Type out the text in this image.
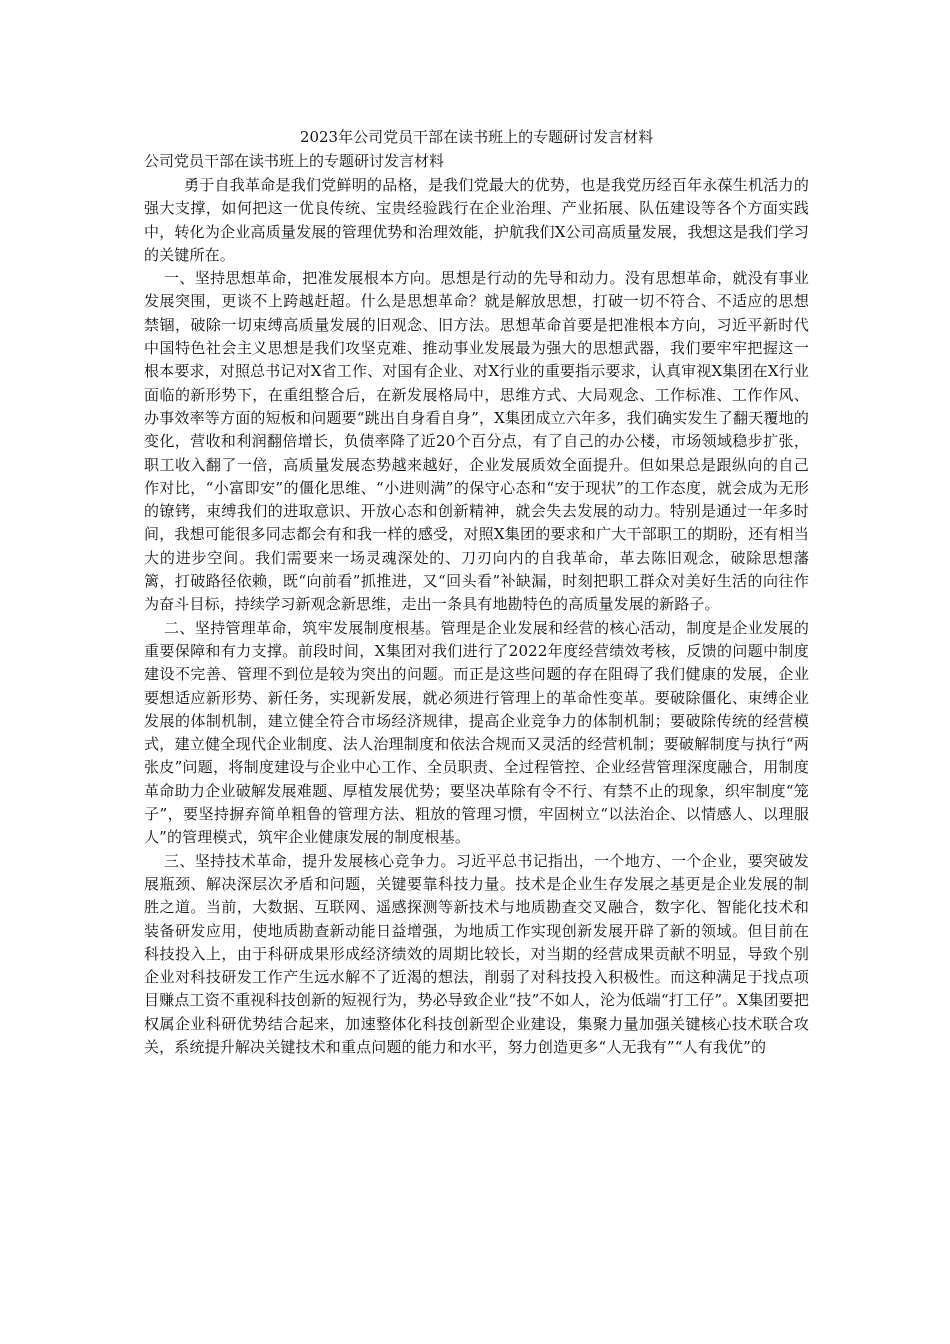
2023年公司党员干部在读书班上的专题研讨发言材料
公司党员干部在读书班上的专题研讨发言材料

勇于自我革命是我们党鲜明的品格，是我们党最大的优势，也是我党历经百年永葆生机活力的强大支撑，如何把这一优良传统、宝贵经验践行在企业治理、产业拓展、队伍建设等各个方面实践中，转化为企业高质量发展的管理优势和治理效能，护航我们X公司高质量发展，我想这是我们学习的关键所在。

一、坚持思想革命，把准发展根本方向。思想是行动的先导和动力。没有思想革命，就没有事业发展突围，更谈不上跨越赶超。什么是思想革命？就是解放思想，打破一切不符合、不适应的思想禁锢，破除一切束缚高质量发展的旧观念、旧方法。思想革命首要是把准根本方向，习近平新时代中国特色社会主义思想是我们攻坚克难、推动事业发展最为强大的思想武器，我们要牢牢把握这一根本要求，对照总书记对X省工作、对国有企业、对X行业的重要指示要求，认真审视X集团在X行业面临的新形势下，在重组整合后，在新发展格局中，思维方式、大局观念、工作标准、工作作风、办事效率等方面的短板和问题要“跳出自身看自身”，X集团成立六年多，我们确实发生了翻天覆地的变化，营收和利润翻倍增长，负债率降了近20个百分点，有了自己的办公楼，市场领域稳步扩张，职工收入翻了一倍，高质量发展态势越来越好，企业发展质效全面提升。但如果总是跟纵向的自己作对比，“小富即安”的僵化思维、“小进则满”的保守心态和“安于现状”的工作态度，就会成为无形的镣铐，束缚我们的进取意识、开放心态和创新精神，就会失去发展的动力。特别是通过一年多时间，我想可能很多同志都会有和我一样的感受，对照X集团的要求和广大干部职工的期盼，还有相当大的进步空间。我们需要来一场灵魂深处的、刀刃向内的自我革命，革去陈旧观念，破除思想藩篱，打破路径依赖，既“向前看”抓推进，又“回头看”补缺漏，时刻把职工群众对美好生活的向往作为奋斗目标，持续学习新观念新思维，走出一条具有地勘特色的高质量发展的新路子。

二、坚持管理革命，筑牢发展制度根基。管理是企业发展和经营的核心活动，制度是企业发展的重要保障和有力支撑。前段时间，X集团对我们进行了2022年度经营绩效考核，反馈的问题中制度建设不完善、管理不到位是较为突出的问题。而正是这些问题的存在阻碍了我们健康的发展，企业要想适应新形势、新任务，实现新发展，就必须进行管理上的革命性变革。要破除僵化、束缚企业发展的体制机制，建立健全符合市场经济规律，提高企业竞争力的体制机制；要破除传统的经营模式，建立健全现代企业制度、法人治理制度和依法合规而又灵活的经营机制；要破解制度与执行“两张皮”问题，将制度建设与企业中心工作、全员职责、全过程管控、企业经营管理深度融合，用制度革命助力企业破解发展难题、厚植发展优势；要坚决革除有令不行、有禁不止的现象，织牢制度“笼子”，要坚持摒弃简单粗鲁的管理方法、粗放的管理习惯，牢固树立“以法治企、以情感人、以理服人”的管理模式，筑牢企业健康发展的制度根基。

三、坚持技术革命，提升发展核心竞争力。习近平总书记指出，一个地方、一个企业，要突破发展瓶颈、解决深层次矛盾和问题，关键要靠科技力量。技术是企业生存发展之基更是企业发展的制胜之道。当前，大数据、互联网、遥感探测等新技术与地质勘查交叉融合，数字化、智能化技术和装备研发应用，使地质勘查新动能日益增强，为地质工作实现创新发展开辟了新的领域。但目前在科技投入上，由于科研成果形成经济绩效的周期比较长，对当期的经营成果贡献不明显，导致个别企业对科技研发工作产生远水解不了近渴的想法，削弱了对科技投入积极性。而这种满足于找点项目赚点工资不重视科技创新的短视行为，势必导致企业“技”不如人，沦为低端“打工仔”。X集团要把权属企业科研优势结合起来，加速整体化科技创新型企业建设，集聚力量加强关键核心技术联合攻关，系统提升解决关键技术和重点问题的能力和水平，努力创造更多“人无我有”“人有我优”的
